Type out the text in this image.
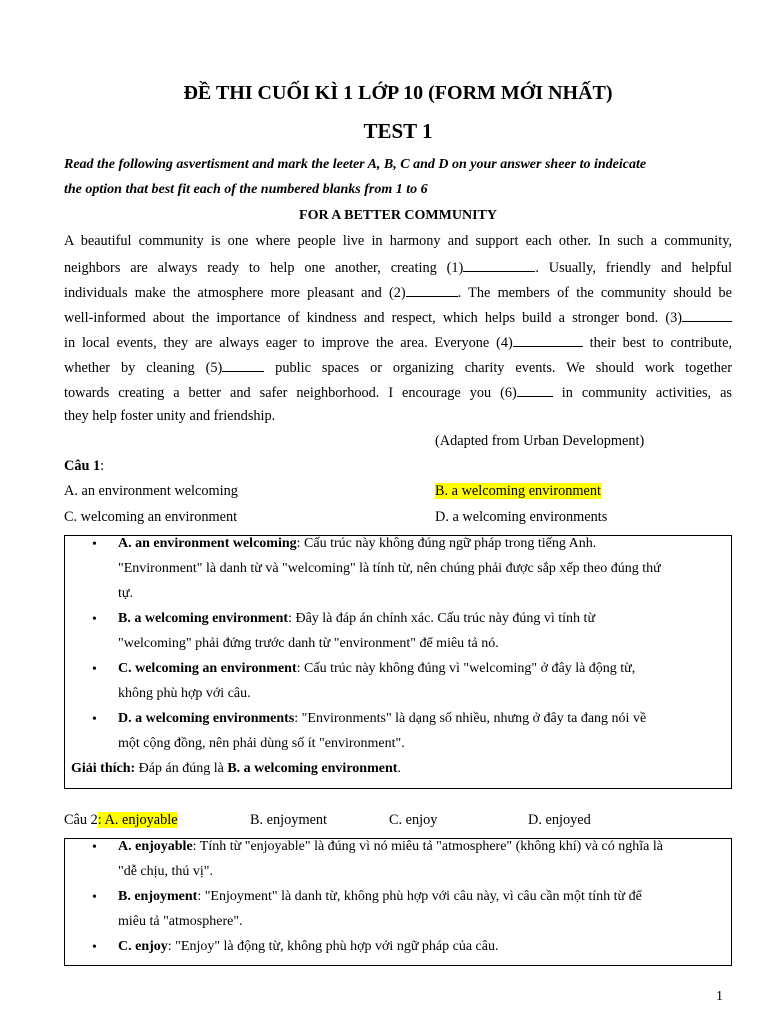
ĐỀ THI CUỐI KÌ 1 LỚP 10 (FORM MỚI NHẤT)
TEST 1
Read the following asvertisment and mark the leeter A, B, C and D on your answer sheer to indeicate
the option that best fit each of the numbered blanks from 1 to 6
FOR A BETTER COMMUNITY
A beautiful community is one where people live in harmony and support each other. In such a community,
neighbors are always ready to help one another, creating (1)	. Usually, friendly and helpful
individuals make the atmosphere more pleasant and (2)	. The members of the community should be
well-informed about the importance of kindness and respect, which helps build a stronger bond. (3)
in local events, they are always eager to improve the area. Everyone (4)	their best to contribute,
whether by cleaning (5)	public spaces or organizing charity events. We should work together
towards creating a better and safer neighborhood. I encourage you (6)	in community activities, as
they help foster unity and friendship.
(Adapted from Urban Development)
Câu 1:
A. an environment welcoming	B. a welcoming environment
C. welcoming an environment	D. a welcoming environments
• A. an environment welcoming: Cấu trúc này không đúng ngữ pháp trong tiếng Anh.
"Environment" là danh từ và "welcoming" là tính từ, nên chúng phải được sắp xếp theo đúng thứ
tự.
• B. a welcoming environment: Đây là đáp án chính xác. Cấu trúc này đúng vì tính từ
"welcoming" phải đứng trước danh từ "environment" để miêu tả nó.
• C. welcoming an environment: Cấu trúc này không đúng vì "welcoming" ở đây là động từ,
không phù hợp với câu.
• D. a welcoming environments: "Environments" là dạng số nhiều, nhưng ở đây ta đang nói về
một cộng đồng, nên phải dùng số ít "environment".
Giải thích: Đáp án đúng là B. a welcoming environment.
Câu 2: A. enjoyable	B. enjoyment	C. enjoy	D. enjoyed
• A. enjoyable: Tính từ "enjoyable" là đúng vì nó miêu tả "atmosphere" (không khí) và có nghĩa là
"dễ chịu, thú vị".
• B. enjoyment: "Enjoyment" là danh từ, không phù hợp với câu này, vì câu cần một tính từ để
miêu tả "atmosphere".
• C. enjoy: "Enjoy" là động từ, không phù hợp với ngữ pháp của câu.
1
